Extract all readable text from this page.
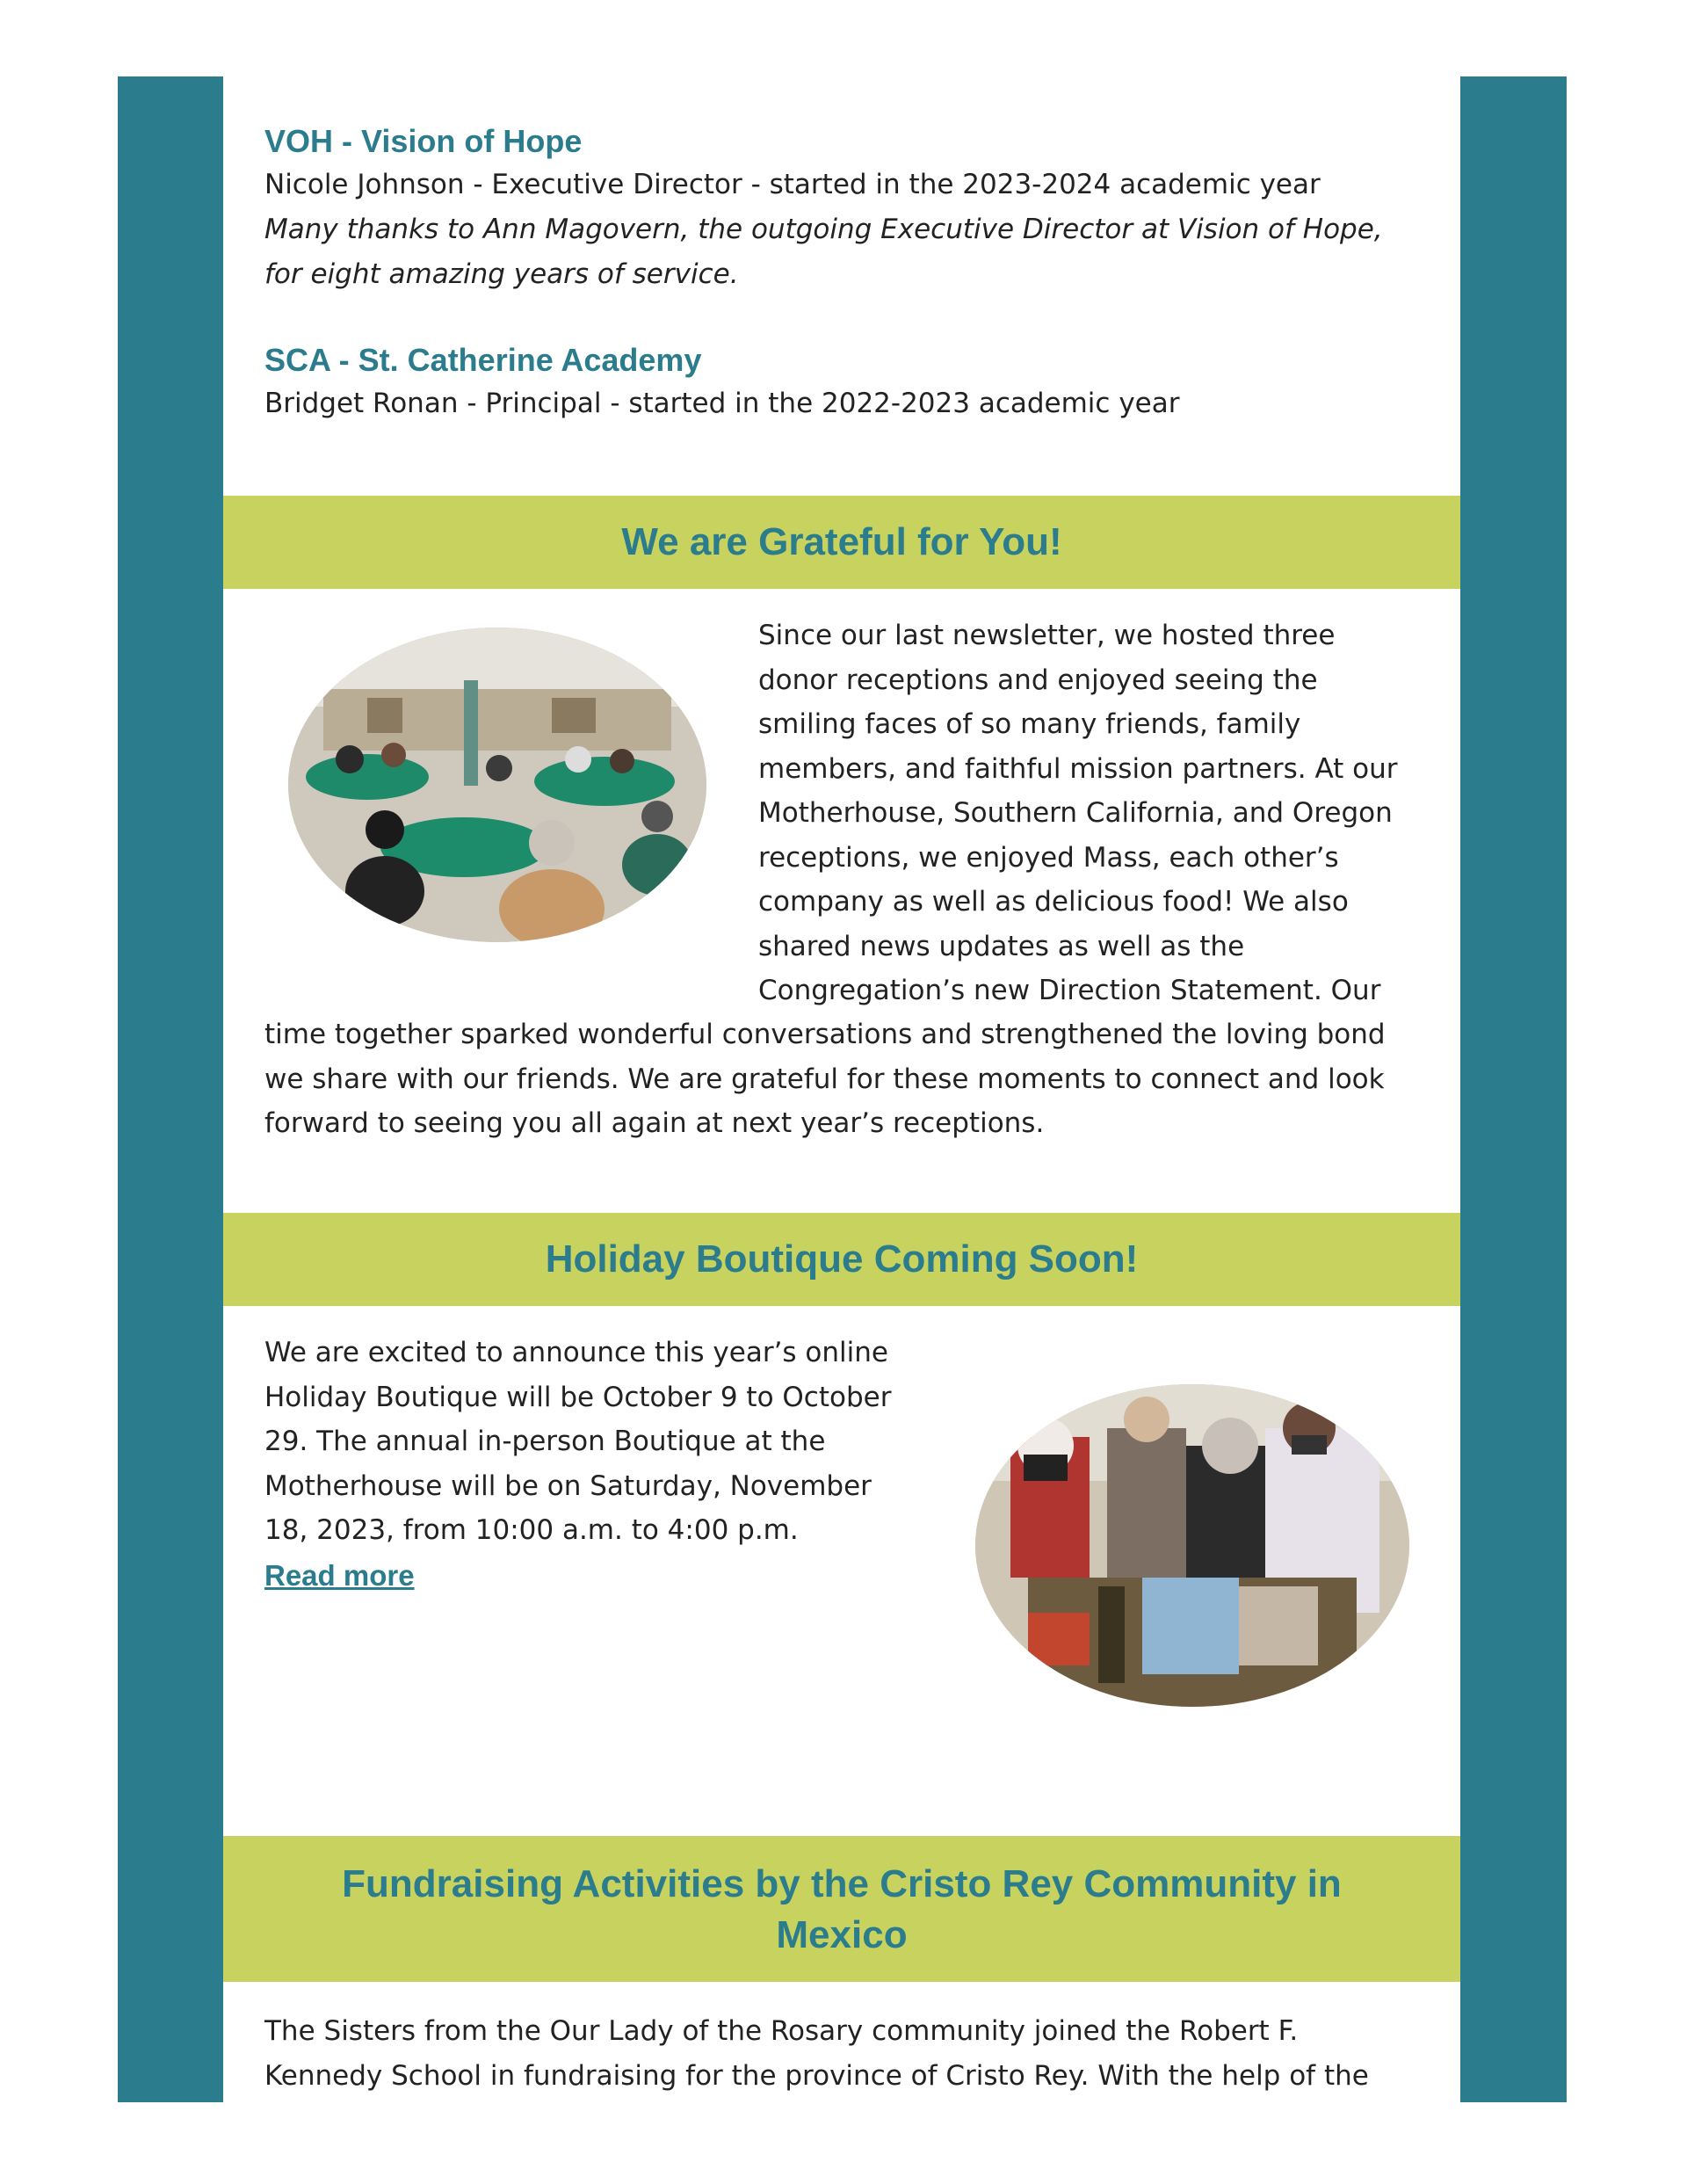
VOH - Vision of Hope

Nicole Johnson - Executive Director - started in the 2023-2024 academic year

Many thanks to Ann Magovern, the outgoing Executive Director at Vision of Hope,

for eight amazing years of service.

SCA - St. Catherine Academy

Bridget Ronan - Principal - started in the 2022-2023 academic year

We are Grateful for You!

Since our last newsletter, we hosted three

donor receptions and enjoyed seeing the

smiling faces of so many friends, family

members, and faithful mission partners. At our

Motherhouse, Southern California, and Oregon

receptions, we enjoyed Mass, each other’s

company as well as delicious food! We also

shared news updates as well as the

Congregation’s new Direction Statement. Our

time together sparked wonderful conversations and strengthened the loving bond

we share with our friends. We are grateful for these moments to connect and look

forward to seeing you all again at next year’s receptions.

Holiday Boutique Coming Soon!

We are excited to announce this year’s online

Holiday Boutique will be October 9 to October

29. The annual in-person Boutique at the

Motherhouse will be on Saturday, November

18, 2023, from 10:00 a.m. to 4:00 p.m.

Read more
Fundraising Activities by the Cristo Rey Community in
Mexico

The Sisters from the Our Lady of the Rosary community joined the Robert F.

Kennedy School in fundraising for the province of Cristo Rey. With the help of the
